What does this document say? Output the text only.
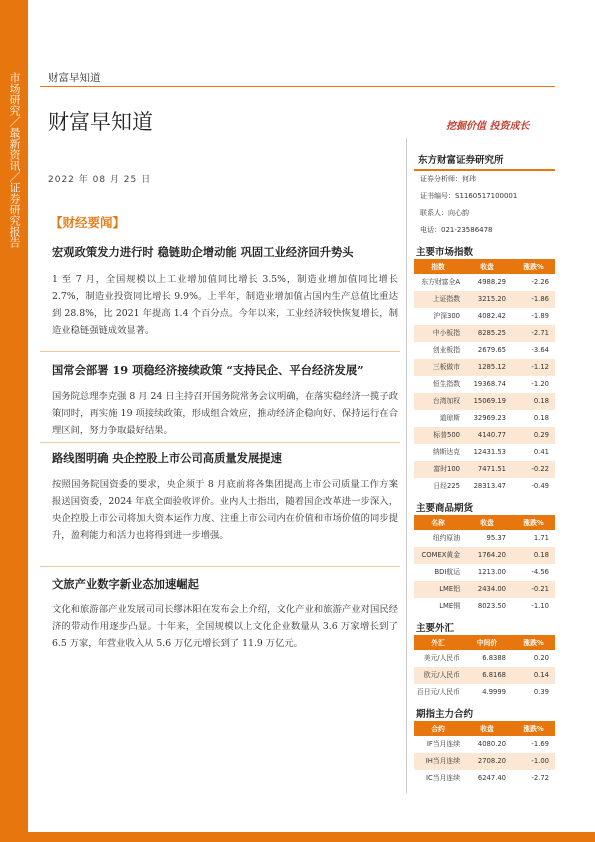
市场研究／最新资讯／证券研究报告	财富早知道
财富早知道	挖掘价值 投资成长
2022 年 08 月 25 日
【财经要闻】
宏观政策发力进行时 稳链助企增动能 巩固工业经济回升势头
1 至 7 月，全国规模以上工业增加值同比增长 3.5%，制造业增加值同比增长 2.7%，制造业投资同比增长 9.9%。上半年，制造业增加值占国内生产总值比重达到 28.8%，比 2021 年提高 1.4 个百分点。今年以来，工业经济较快恢复增长，制造业稳链强链成效显著。
国常会部署 19 项稳经济接续政策 “支持民企、平台经济发展”
国务院总理李克强 8 月 24 日主持召开国务院常务会议明确，在落实稳经济一揽子政策同时，再实施 19 项接续政策，形成组合效应，推动经济企稳向好、保持运行在合理区间，努力争取最好结果。
路线图明确 央企控股上市公司高质量发展提速
按照国务院国资委的要求，央企须于 8 月底前将各集团提高上市公司质量工作方案报送国资委，2024 年底全面验收评价。业内人士指出，随着国企改革进一步深入，央企控股上市公司将加大资本运作力度、注重上市公司内在价值和市场价值的同步提升，盈利能力和活力也将得到进一步增强。
文旅产业数字新业态加速崛起
文化和旅游部产业发展司司长缪沐阳在发布会上介绍，文化产业和旅游产业对国民经济的带动作用逐步凸显。十年来，全国规模以上文化企业数量从 3.6 万家增长到了 6.5 万家，年营业收入从 5.6 万亿元增长到了 11.9 万亿元。
东方财富证券研究所
证券分析师：何玮
证书编号：S1160517100001
联系人：向心韵
电话：021-23586478
主要市场指数
指数	收盘	涨跌%
东方财富全A	4988.29	-2.26
上证指数	3215.20	-1.86
沪深300	4082.42	-1.89
中小板指	8285.25	-2.71
创业板指	2679.65	-3.64
三板做市	1285.12	-1.12
恒生指数	19368.74	-1.20
台湾加权	15069.19	0.18
道琼斯	32969.23	0.18
标普500	4140.77	0.29
纳斯达克	12431.53	0.41
富时100	7471.51	-0.22
日经225	28313.47	-0.49
主要商品期货
名称	收盘	涨跌%
纽约原油	95.37	1.71
COMEX黄金	1764.20	0.18
BDI航运	1213.00	-4.56
LME铝	2434.00	-0.21
LME铜	8023.50	-1.10
主要外汇
外汇	中间价	涨跌%
美元/人民币	6.8388	0.20
欧元/人民币	6.8168	0.14
百日元/人民币	4.9999	0.39
期指主力合约
合约	收盘	涨跌%
IF当月连续	4080.20	-1.69
IH当月连续	2708.20	-1.00
IC当月连续	6247.40	-2.72
